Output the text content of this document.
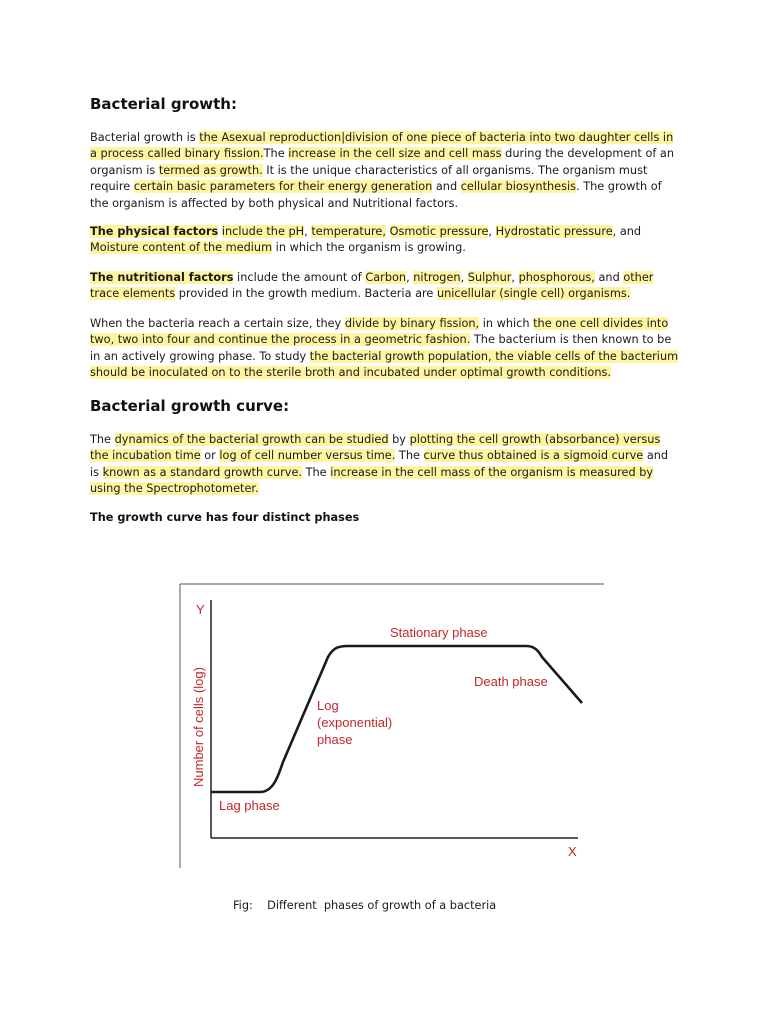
Bacterial growth:

Bacterial growth is the Asexual reproduction|division of one piece of bacteria into two daughter cells in a process called binary fission.The increase in the cell size and cell mass during the development of an organism is termed as growth. It is the unique characteristics of all organisms. The organism must require certain basic parameters for their energy generation and cellular biosynthesis. The growth of the organism is affected by both physical and Nutritional factors.

The physical factors include the pH, temperature, Osmotic pressure, Hydrostatic pressure, and Moisture content of the medium in which the organism is growing.

The nutritional factors include the amount of Carbon, nitrogen, Sulphur, phosphorous, and other trace elements provided in the growth medium. Bacteria are unicellular (single cell) organisms.

When the bacteria reach a certain size, they divide by binary fission, in which the one cell divides into two, two into four and continue the process in a geometric fashion. The bacterium is then known to be in an actively growing phase. To study the bacterial growth population, the viable cells of the bacterium should be inoculated on to the sterile broth and incubated under optimal growth conditions.

Bacterial growth curve:

The dynamics of the bacterial growth can be studied by plotting the cell growth (absorbance) versus the incubation time or log of cell number versus time. The curve thus obtained is a sigmoid curve and is known as a standard growth curve. The increase in the cell mass of the organism is measured by using the Spectrophotometer.

The growth curve has four distinct phases

Y
X
Number of cells (log)
Lag phase
Log
(exponential)
phase
Stationary phase
Death phase

Fig:    Different  phases of growth of a bacteria
